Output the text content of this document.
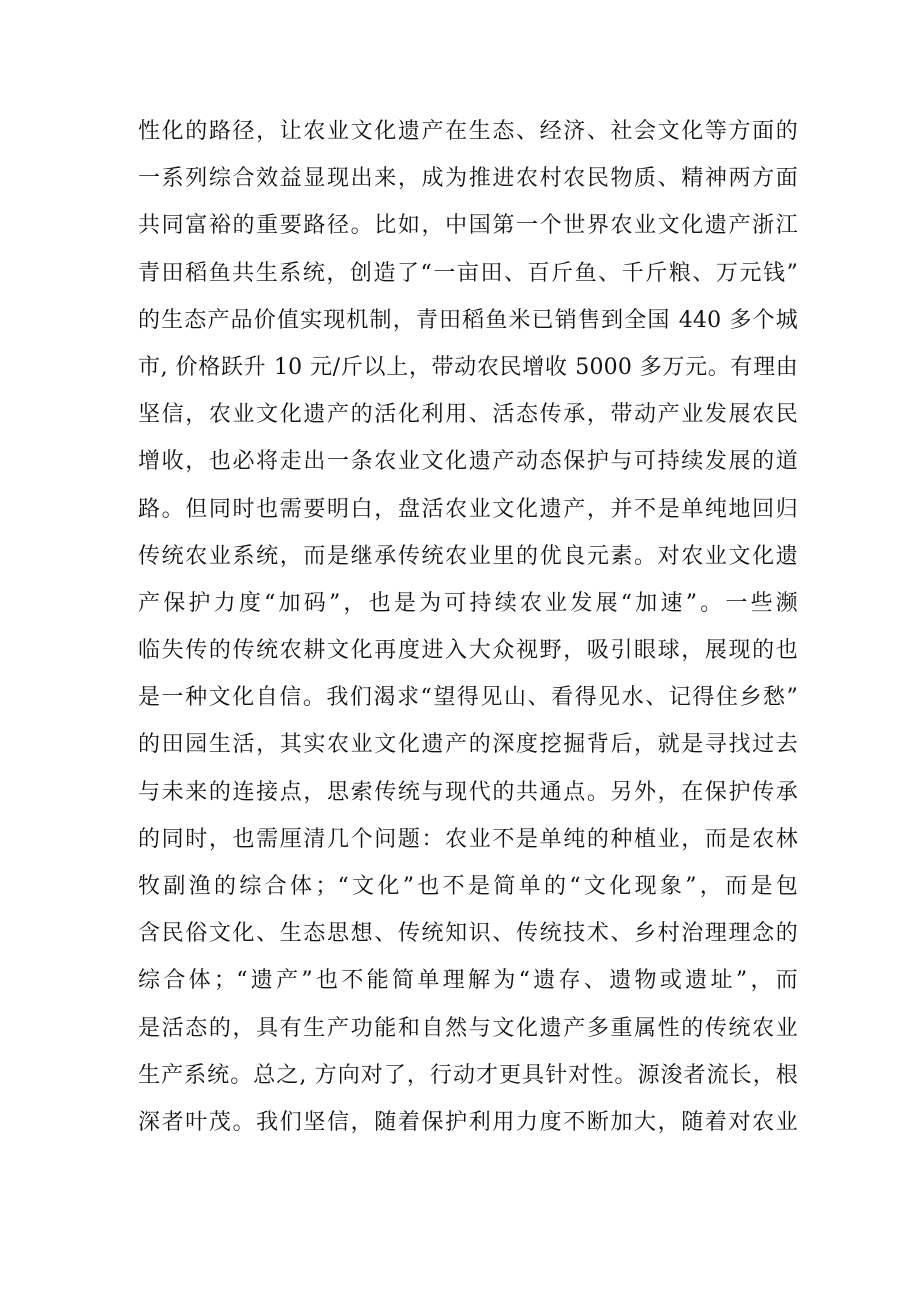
性化的路径，让农业文化遗产在生态、经济、社会文化等方面的
一系列综合效益显现出来，成为推进农村农民物质、精神两方面
共同富裕的重要路径。比如，中国第一个世界农业文化遗产浙江
青田稻鱼共生系统，创造了“一亩田、百斤鱼、千斤粮、万元钱”
的生态产品价值实现机制，青田稻鱼米已销售到全国 440 多个城
市, 价格跃升 10 元/斤以上，带动农民增收 5000 多万元。有理由
坚信，农业文化遗产的活化利用、活态传承，带动产业发展农民
增收，也必将走出一条农业文化遗产动态保护与可持续发展的道
路。但同时也需要明白，盘活农业文化遗产，并不是单纯地回归
传统农业系统，而是继承传统农业里的优良元素。对农业文化遗
产保护力度“加码”，也是为可持续农业发展“加速”。一些濒
临失传的传统农耕文化再度进入大众视野，吸引眼球，展现的也
是一种文化自信。我们渴求“望得见山、看得见水、记得住乡愁”
的田园生活，其实农业文化遗产的深度挖掘背后，就是寻找过去
与未来的连接点，思索传统与现代的共通点。另外，在保护传承
的同时，也需厘清几个问题：农业不是单纯的种植业，而是农林
牧副渔的综合体；“文化”也不是简单的“文化现象”，而是包
含民俗文化、生态思想、传统知识、传统技术、乡村治理理念的
综合体；“遗产”也不能简单理解为“遗存、遗物或遗址”，而
是活态的，具有生产功能和自然与文化遗产多重属性的传统农业
生产系统。总之, 方向对了，行动才更具针对性。源浚者流长，根
深者叶茂。我们坚信，随着保护利用力度不断加大，随着对农业
